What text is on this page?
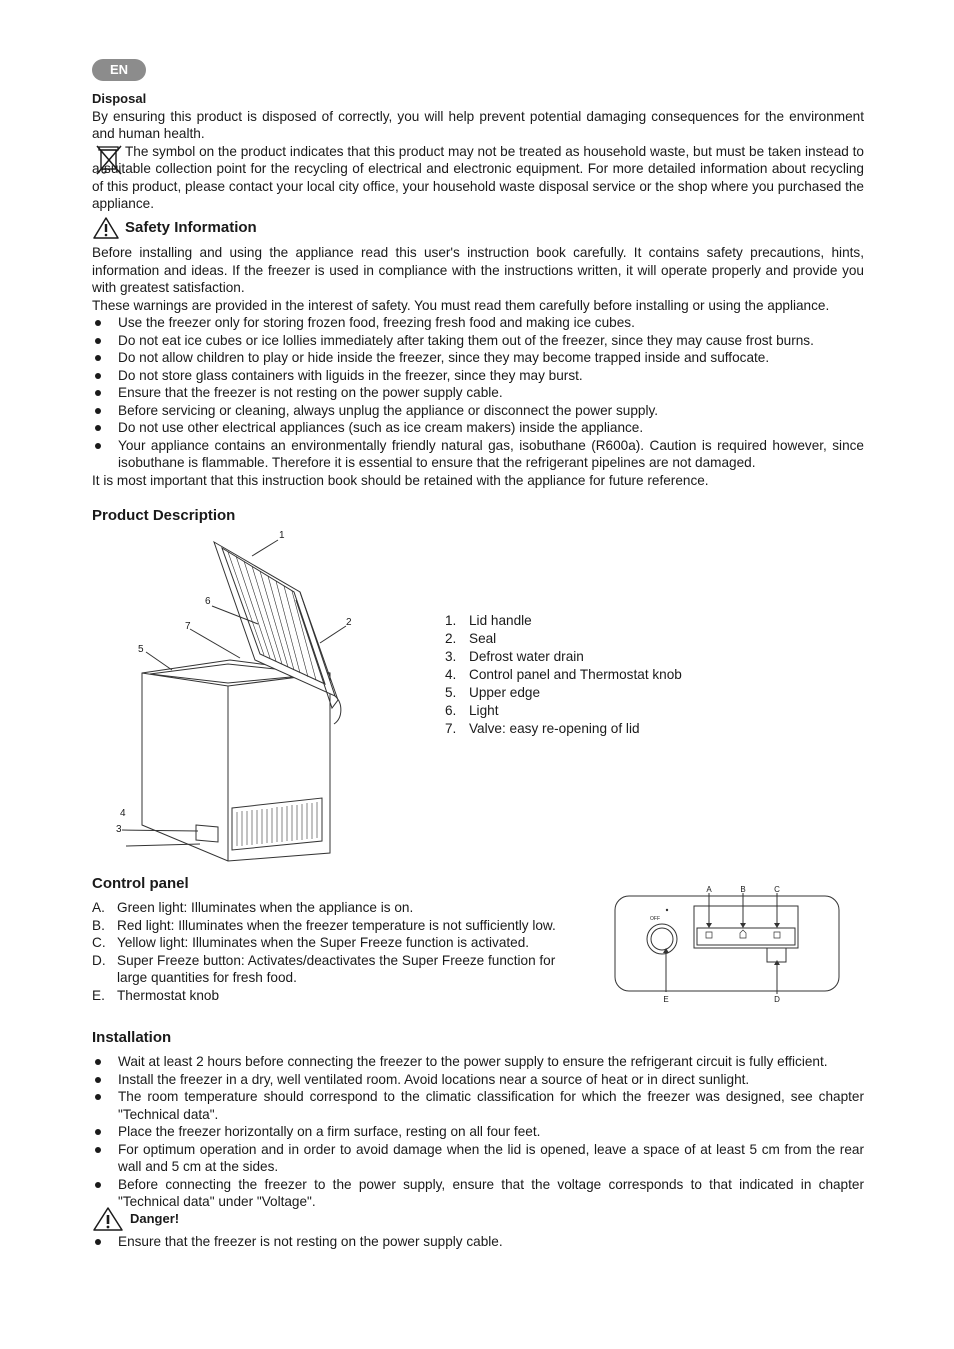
EN
Disposal

By ensuring this product is disposed of correctly, you will help prevent potential damaging consequences for the environment and human health.

The symbol on the product indicates that this product may not be treated as household waste, but must be taken instead to a suitable collection point for the recycling of electrical and electronic equipment. For more detailed information about recycling of this product, please contact your local city office, your household waste disposal service or the shop where you purchased the appliance.

Safety Information

Before installing and using the appliance read this user's instruction book carefully. It contains safety precautions, hints, information and ideas. If the freezer is used in compliance with the instructions written, it will operate properly and provide you with greatest satisfaction.

These warnings are provided in the interest of safety. You must read them carefully before installing or using the appliance.

Use the freezer only for storing frozen food, freezing fresh food and making ice cubes.
Do not eat ice cubes or ice lollies immediately after taking them out of the freezer, since they may cause frost burns.
Do not allow children to play or hide inside the freezer, since they may become trapped inside and suffocate.
Do not store glass containers with liguids in the freezer, since they may burst.
Ensure that the freezer is not resting on the power supply cable.
Before servicing or cleaning, always unplug the appliance or disconnect the power supply.
Do not use other electrical appliances (such as ice cream makers) inside the appliance.
Your appliance contains an environmentally friendly natural gas, isobuthane (R600a). Caution is required however, since isobuthane is flammable. Therefore it is essential to ensure that the refrigerant pipelines are not damaged.

It is most important that this instruction book should be retained with the appliance for future reference.

Product Description
1
2
3
4
5
6
7	1. Lid handle
2. Seal
3. Defrost water drain
4. Control panel and Thermostat knob
5. Upper edge
6. Light
7. Valve: easy re-opening of lid
Control panel
A. Green light: Illuminates when the appliance is on.
B. Red light: Illuminates when the freezer temperature is not sufficiently low.
C. Yellow light: Illuminates when the Super Freeze function is activated.
D. Super Freeze button: Activates/deactivates the Super Freeze function for large quantities for fresh food.
E. Thermostat knob
A	B	C
D
E
OFF
Installation
Wait at least 2 hours before connecting the freezer to the power supply to ensure the refrigerant circuit is fully efficient.
Install the freezer in a dry, well ventilated room. Avoid locations near a source of heat or in direct sunlight.
The room temperature should correspond to the climatic classification for which the freezer was designed, see chapter "Technical data".
Place the freezer horizontally on a firm surface, resting on all four feet.
For optimum operation and in order to avoid damage when the lid is opened, leave a space of at least 5 cm from the rear wall and 5 cm at the sides.
Before connecting the freezer to the power supply, ensure that the voltage corresponds to that indicated in chapter "Technical data" under "Voltage".
Danger!
Ensure that the freezer is not resting on the power supply cable.
